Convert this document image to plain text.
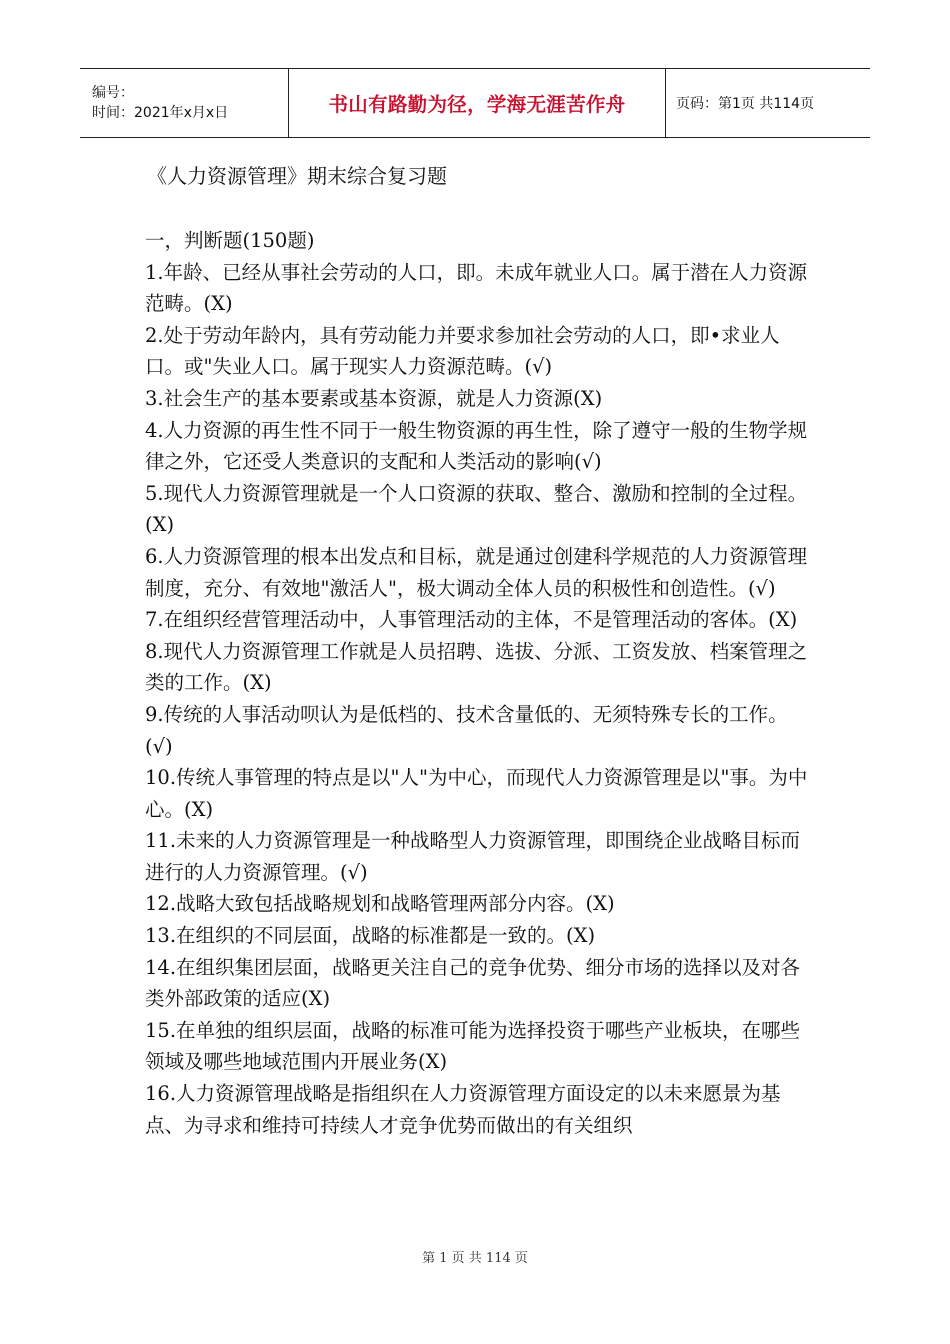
编号：
时间：2021年x月x日	书山有路勤为径，学海无涯苦作舟	页码：第1页 共114页
《人力资源管理》期末综合复习题

一，判断题(150题)

1.年龄、已经从事社会劳动的人口，即。未成年就业人口。属于潜在人力资源范畴。(X)

2.处于劳动年龄内，具有劳动能力并要求参加社会劳动的人口，即•求业人口。或"失业人口。属于现实人力资源范畴。(√)

3.社会生产的基本要素或基本资源，就是人力资源(X)

4.人力资源的再生性不同于一般生物资源的再生性，除了遵守一般的生物学规律之外，它还受人类意识的支配和人类活动的影响(√)

5.现代人力资源管理就是一个人口资源的获取、整合、激励和控制的全过程。(X)

6.人力资源管理的根本出发点和目标，就是通过创建科学规范的人力资源管理制度，充分、有效地"激活人"，极大调动全体人员的积极性和创造性。(√)

7.在组织经营管理活动中，人事管理活动的主体，不是管理活动的客体。(X)

8.现代人力资源管理工作就是人员招聘、选拔、分派、工资发放、档案管理之类的工作。(X)

9.传统的人事活动呗认为是低档的、技术含量低的、无须特殊专长的工作。(√)

10.传统人事管理的特点是以"人"为中心，而现代人力资源管理是以"事。为中心。(X)

11.未来的人力资源管理是一种战略型人力资源管理，即围绕企业战略目标而进行的人力资源管理。(√)

12.战略大致包括战略规划和战略管理两部分内容。(X)

13.在组织的不同层面，战略的标准都是一致的。(X)

14.在组织集团层面，战略更关注自己的竞争优势、细分市场的选择以及对各类外部政策的适应(X)

15.在单独的组织层面，战略的标准可能为选择投资于哪些产业板块，在哪些领域及哪些地域范围内开展业务(X)

16.人力资源管理战略是指组织在人力资源管理方面设定的以未来愿景为基点、为寻求和维持可持续人才竞争优势而做出的有关组织

第 1 页 共 114 页
